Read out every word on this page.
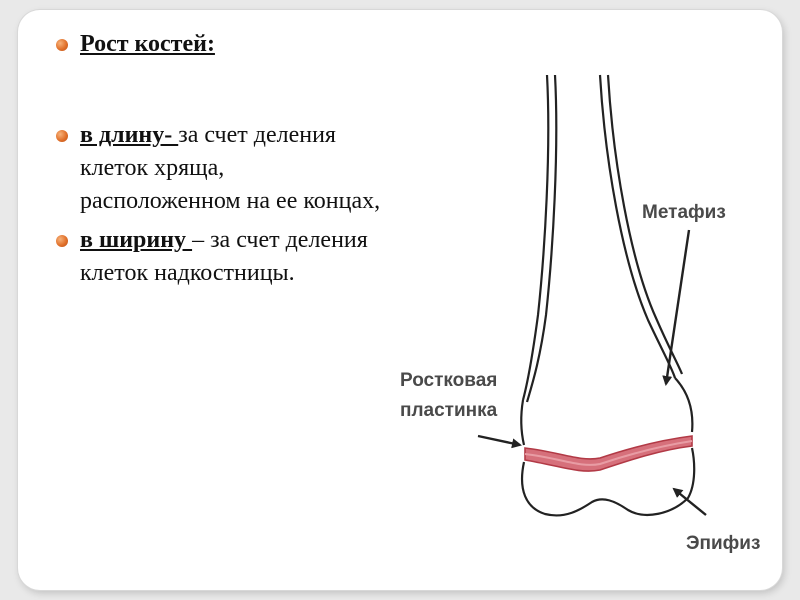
Рост костей:
в длину- за счет деления клеток хряща, расположенном на ее концах,
в ширину – за счет деления клеток надкостницы.
Метафиз
Ростковая
пластинка
Эпифиз
